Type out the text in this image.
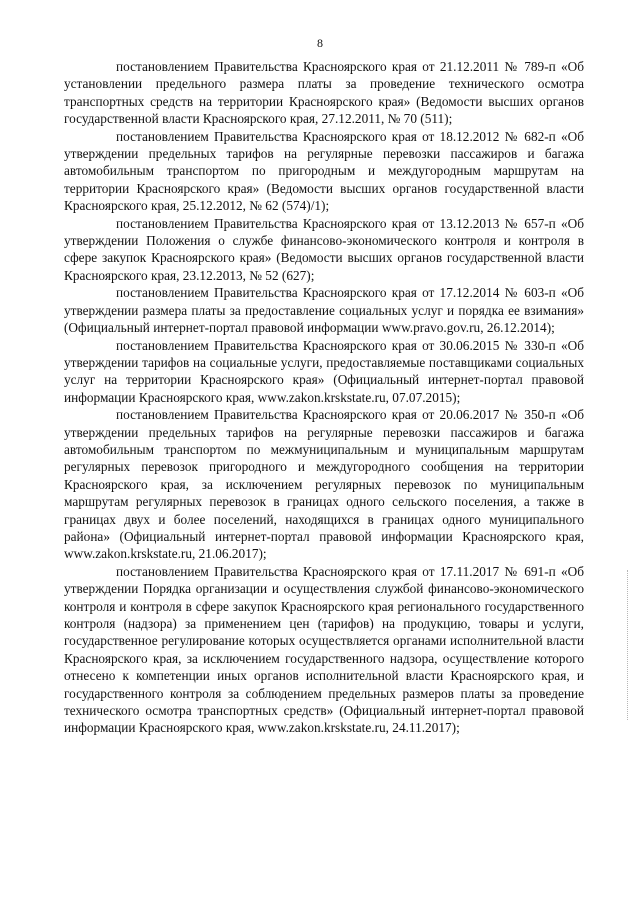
8

постановлением Правительства Красноярского края от 21.12.2011 № 789-п «Об установлении предельного размера платы за проведение технического осмотра транспортных средств на территории Красноярского края» (Ведомости высших органов государственной власти Красноярского края, 27.12.2011, № 70 (511);

постановлением Правительства Красноярского края от 18.12.2012 № 682-п «Об утверждении предельных тарифов на регулярные перевозки пассажиров и багажа автомобильным транспортом по пригородным и междугородным маршрутам на территории Красноярского края» (Ведомости высших органов государственной власти Красноярского края, 25.12.2012, № 62 (574)/1);

постановлением Правительства Красноярского края от 13.12.2013 № 657-п «Об утверждении Положения о службе финансово-экономического контроля и контроля в сфере закупок Красноярского края» (Ведомости высших органов государственной власти Красноярского края, 23.12.2013, № 52 (627);

постановлением Правительства Красноярского края от 17.12.2014 № 603-п «Об утверждении размера платы за предоставление социальных услуг и порядка ее взимания» (Официальный интернет-портал правовой информации www.pravo.gov.ru, 26.12.2014);

постановлением Правительства Красноярского края от 30.06.2015 № 330-п «Об утверждении тарифов на социальные услуги, предоставляемые поставщиками социальных услуг на территории Красноярского края» (Официальный интернет-портал правовой информации Красноярского края, www.zakon.krskstate.ru, 07.07.2015);

постановлением Правительства Красноярского края от 20.06.2017 № 350-п «Об утверждении предельных тарифов на регулярные перевозки пассажиров и багажа автомобильным транспортом по межмуниципальным и муниципальным маршрутам регулярных перевозок пригородного и междугородного сообщения на территории Красноярского края, за исключением регулярных перевозок по муниципальным маршрутам регулярных перевозок в границах одного сельского поселения, а также в границах двух и более поселений, находящихся в границах одного муниципального района» (Официальный интернет-портал правовой информации Красноярского края, www.zakon.krskstate.ru, 21.06.2017);

постановлением Правительства Красноярского края от 17.11.2017 № 691-п «Об утверждении Порядка организации и осуществления службой финансово-экономического контроля и контроля в сфере закупок Красноярского края регионального государственного контроля (надзора) за применением цен (тарифов) на продукцию, товары и услуги, государственное регулирование которых осуществляется органами исполнительной власти Красноярского края, за исключением государственного надзора, осуществление которого отнесено к компетенции иных органов исполнительной власти Красноярского края, и государственного контроля за соблюдением предельных размеров платы за проведение технического осмотра транспортных средств» (Официальный интернет-портал правовой информации Красноярского края, www.zakon.krskstate.ru, 24.11.2017);
